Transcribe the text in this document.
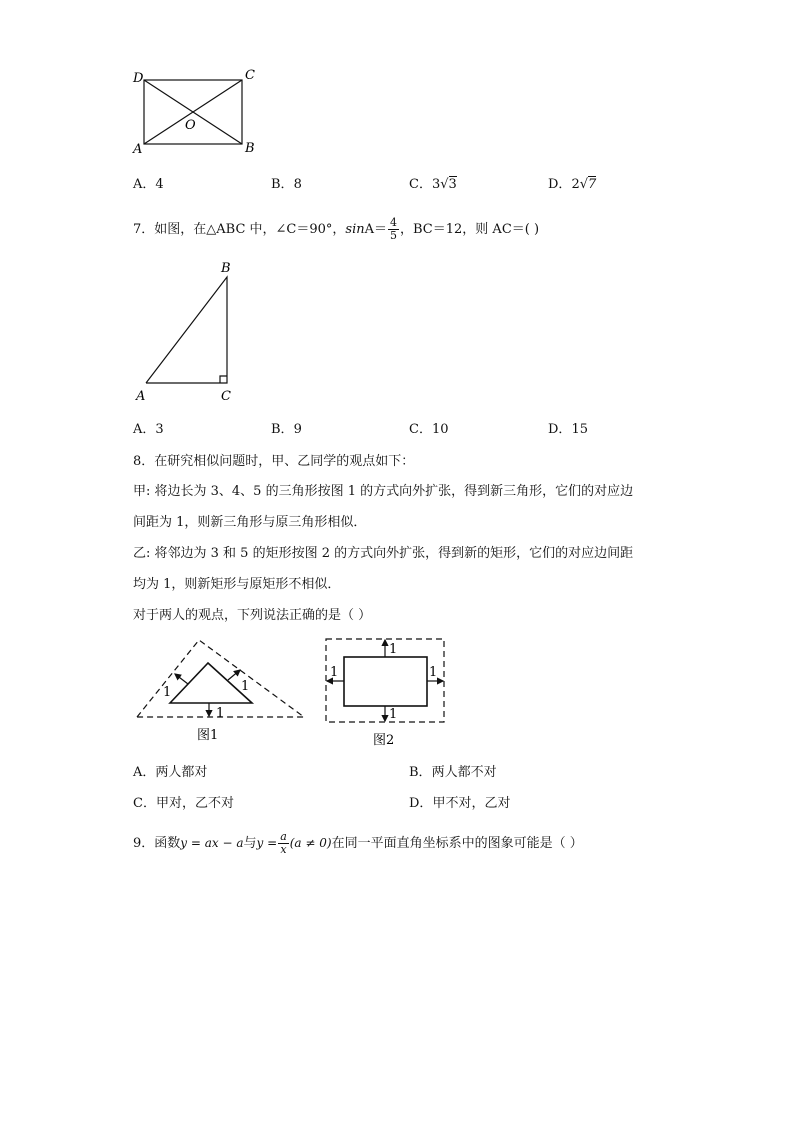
D	C
A	B
O
A．4	B．8	C．3√3	D．2√7
7．如图，在△ABC 中，∠C＝90°，$\sin A= \frac{4}{5}$ ，BC＝12，则 AC＝( )
B
A	C
A．3	B．9	C．10	D．15
8．在研究相似问题时，甲、乙同学的观点如下：
甲: 将边长为 3、4、5 的三角形按图 1 的方式向外扩张，得到新三角形，它们的对应边
间距为 1，则新三角形与原三角形相似．
乙: 将邻边为 3 和 5 的矩形按图 2 的方式向外扩张，得到新的矩形，它们的对应边间距
均为 1，则新矩形与原矩形不相似．
对于两人的观点，下列说法正确的是（ ）
1	1
1
图1
1
1
1	1
图2
A．两人都对	B．两人都不对
C．甲对，乙不对	D．甲不对，乙对
9．函数y = ax − a与$y = \frac{a}{x} (a \ne 0)$在同一平面直角坐标系中的图象可能是（ ）
